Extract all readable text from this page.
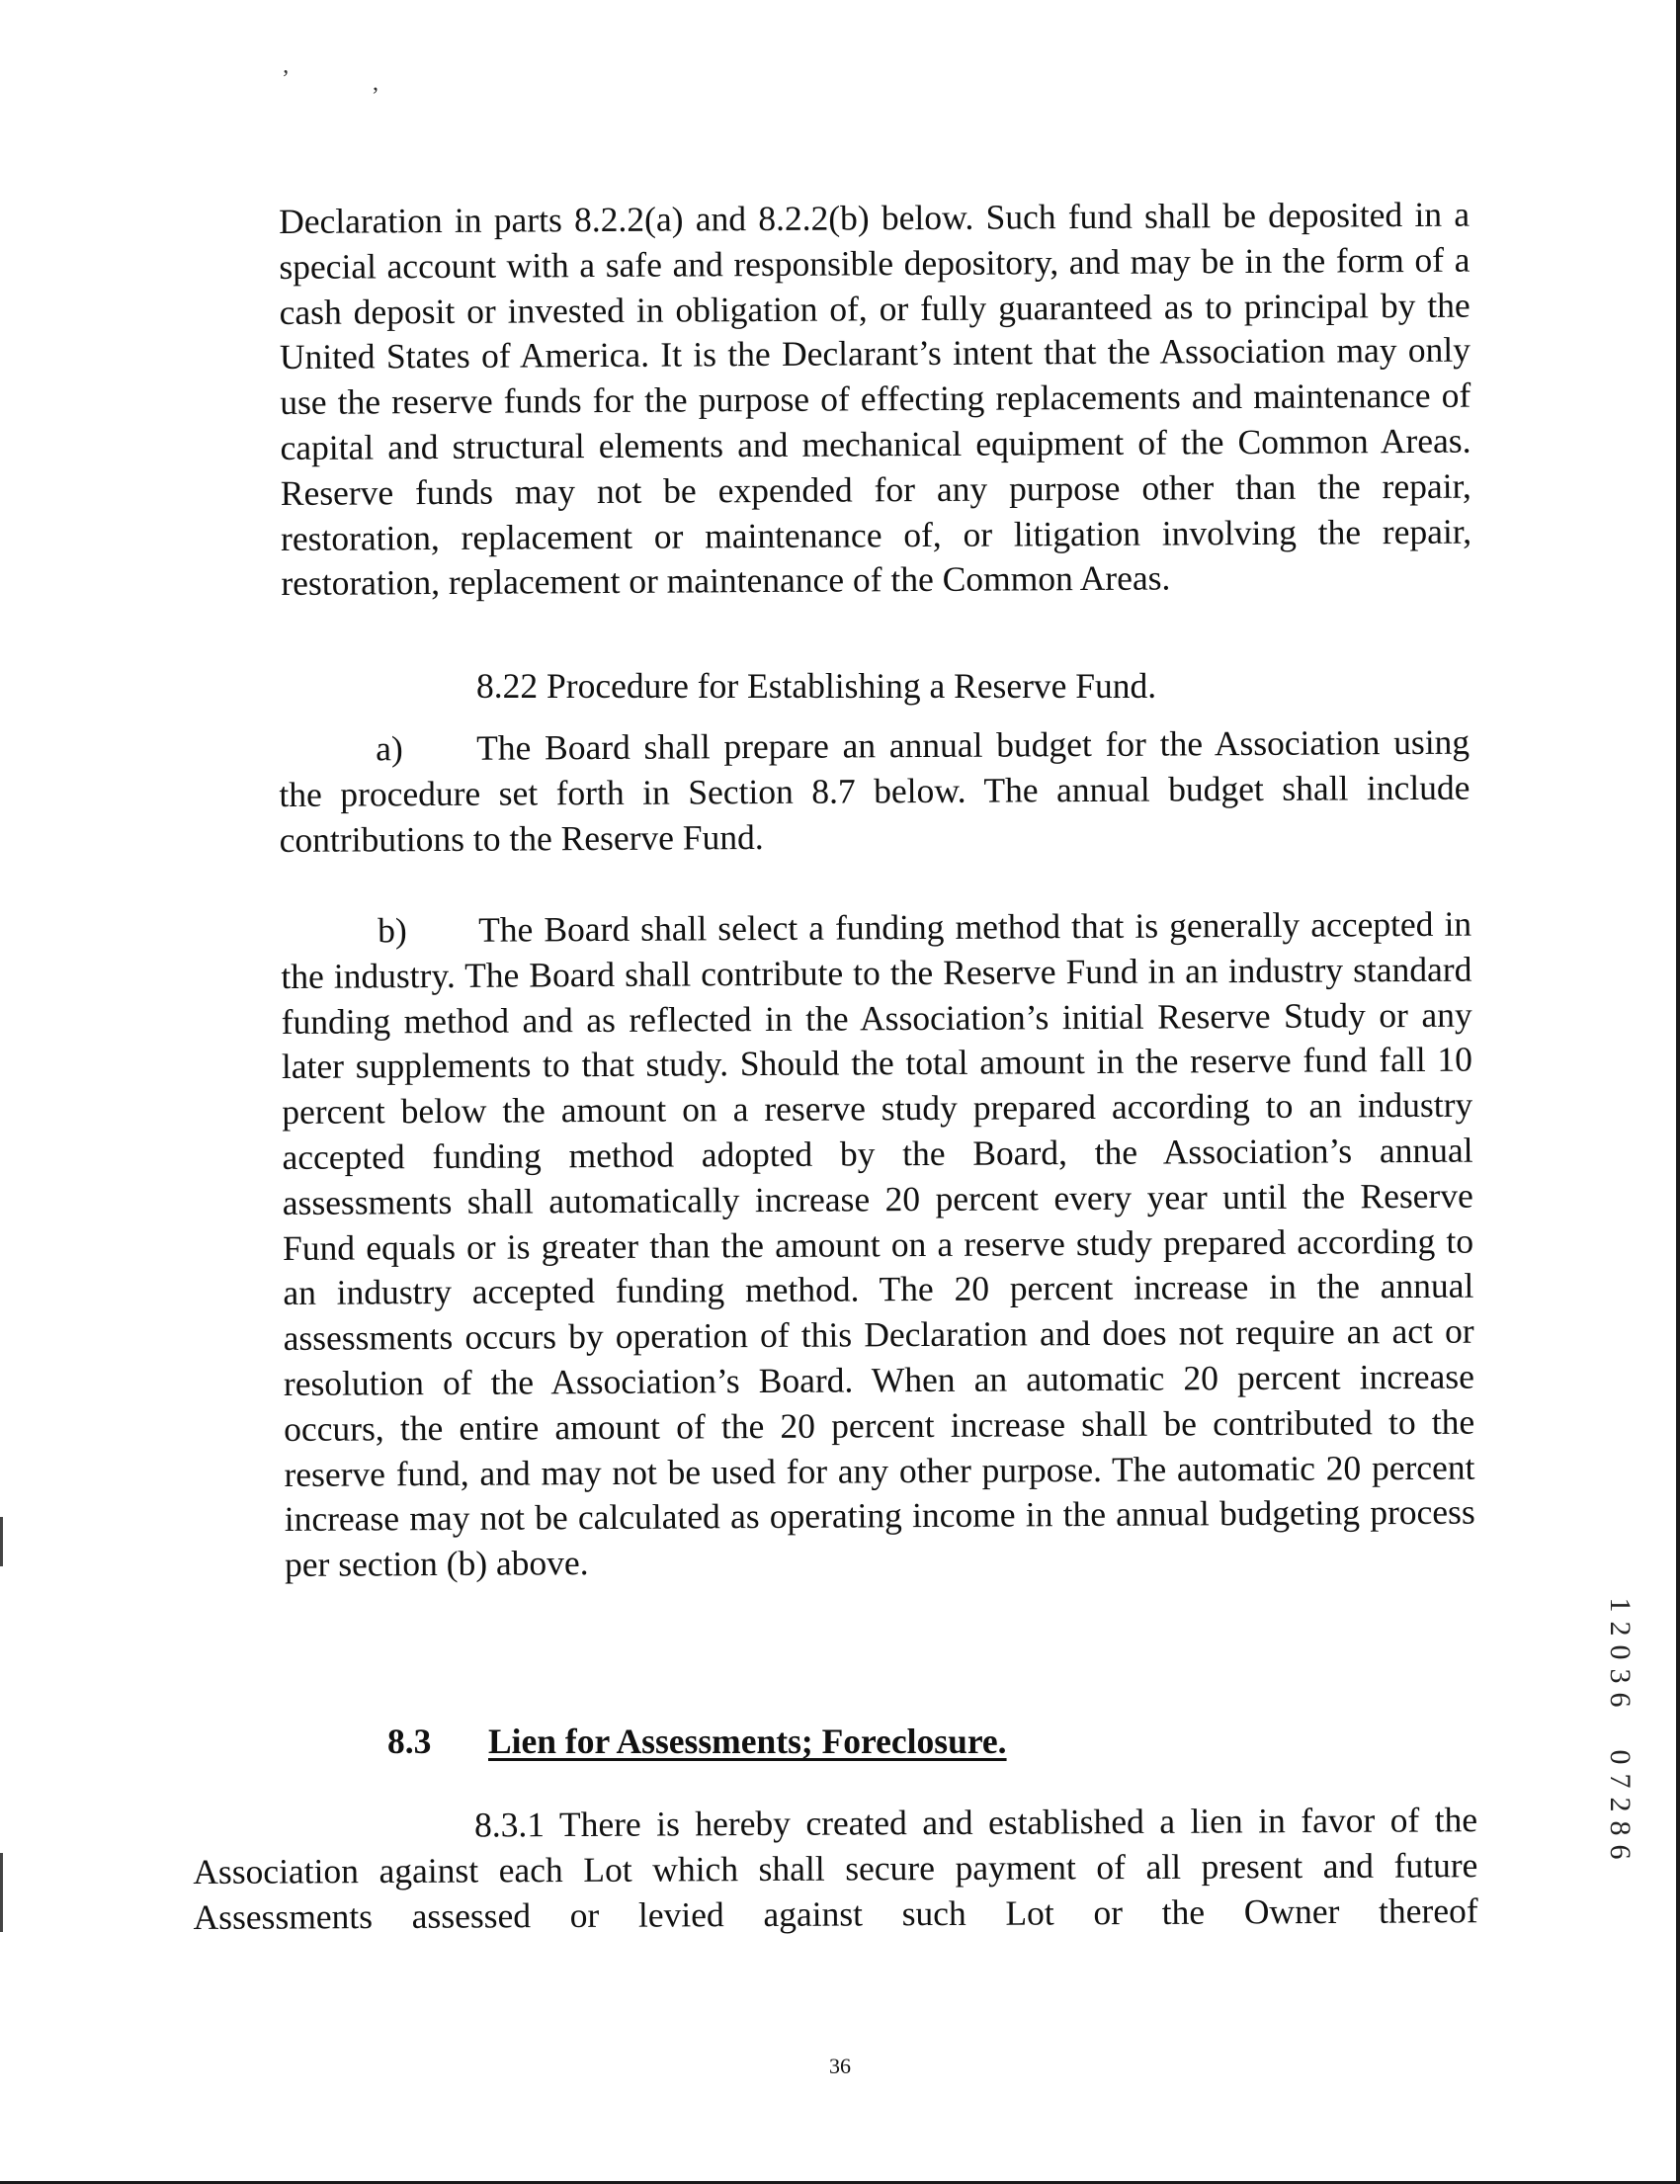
’	,

Declaration in parts 8.2.2(a) and 8.2.2(b) below. Such fund shall be deposited in a special account with a safe and responsible depository, and may be in the form of a cash deposit or invested in obligation of, or fully guaranteed as to principal by the United States of America. It is the Declarant’s intent that the Association may only use the reserve funds for the purpose of effecting replacements and maintenance of capital and structural elements and mechanical equipment of the Common Areas. Reserve funds may not be expended for any purpose other than the repair, restoration, replacement or maintenance of, or litigation involving the repair, restoration, replacement or maintenance of the Common Areas.

8.22 Procedure for Establishing a Reserve Fund.

a) The Board shall prepare an annual budget for the Association using the procedure set forth in Section 8.7 below. The annual budget shall include contributions to the Reserve Fund.

b) The Board shall select a funding method that is generally accepted in the industry. The Board shall contribute to the Reserve Fund in an industry standard funding method and as reflected in the Association’s initial Reserve Study or any later supplements to that study. Should the total amount in the reserve fund fall 10 percent below the amount on a reserve study prepared according to an industry accepted funding method adopted by the Board, the Association’s annual assessments shall automatically increase 20 percent every year until the Reserve Fund equals or is greater than the amount on a reserve study prepared according to an industry accepted funding method. The 20 percent increase in the annual assessments occurs by operation of this Declaration and does not require an act or resolution of the Association’s Board. When an automatic 20 percent increase occurs, the entire amount of the 20 percent increase shall be contributed to the reserve fund, and may not be used for any other purpose. The automatic 20 percent increase may not be calculated as operating income in the annual budgeting process per section (b) above.

8.3 Lien for Assessments; Foreclosure.

8.3.1 There is hereby created and established a lien in favor of the Association against each Lot which shall secure payment of all present and future Assessments assessed or levied against such Lot or the Owner thereof

36
1
2
0
3
6
0
7
2
8
6
